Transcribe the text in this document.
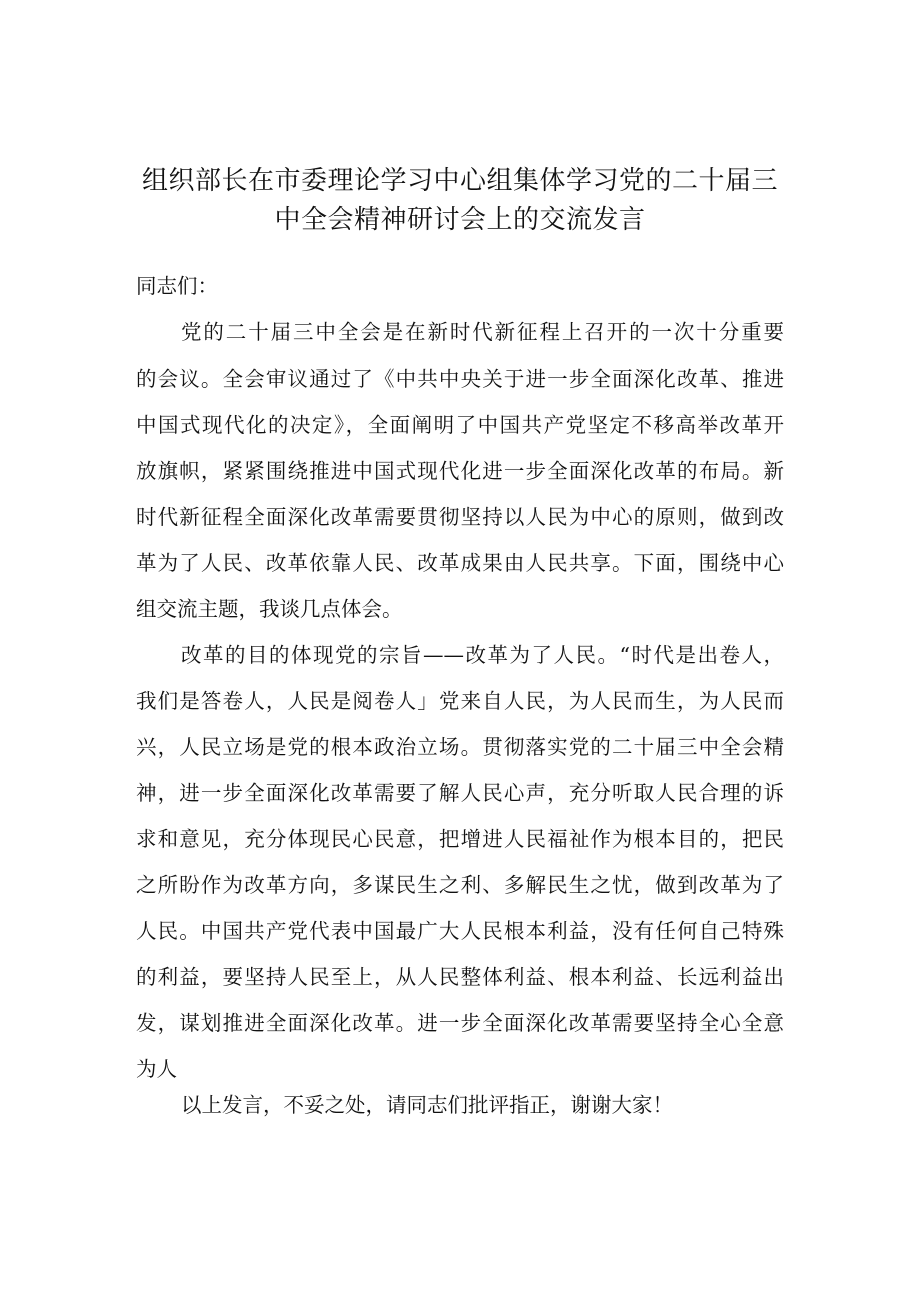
组织部长在市委理论学习中心组集体学习党的二十届三
中全会精神研讨会上的交流发言

同志们：

党的二十届三中全会是在新时代新征程上召开的一次十分重要

的会议。全会审议通过了《中共中央关于进一步全面深化改革、推进

中国式现代化的决定》，全面阐明了中国共产党坚定不移高举改革开

放旗帜，紧紧围绕推进中国式现代化进一步全面深化改革的布局。新

时代新征程全面深化改革需要贯彻坚持以人民为中心的原则，做到改

革为了人民、改革依靠人民、改革成果由人民共享。下面，围绕中心

组交流主题，我谈几点体会。

改革的目的体现党的宗旨——改革为了人民。“时代是出卷人，

我们是答卷人，人民是阅卷人」党来自人民，为人民而生，为人民而

兴，人民立场是党的根本政治立场。贯彻落实党的二十届三中全会精

神，进一步全面深化改革需要了解人民心声，充分听取人民合理的诉

求和意见，充分体现民心民意，把增进人民福祉作为根本目的，把民

之所盼作为改革方向，多谋民生之利、多解民生之忧，做到改革为了

人民。中国共产党代表中国最广大人民根本利益，没有任何自己特殊

的利益，要坚持人民至上，从人民整体利益、根本利益、长远利益出

发，谋划推进全面深化改革。进一步全面深化改革需要坚持全心全意

为人

以上发言，不妥之处，请同志们批评指正，谢谢大家！
